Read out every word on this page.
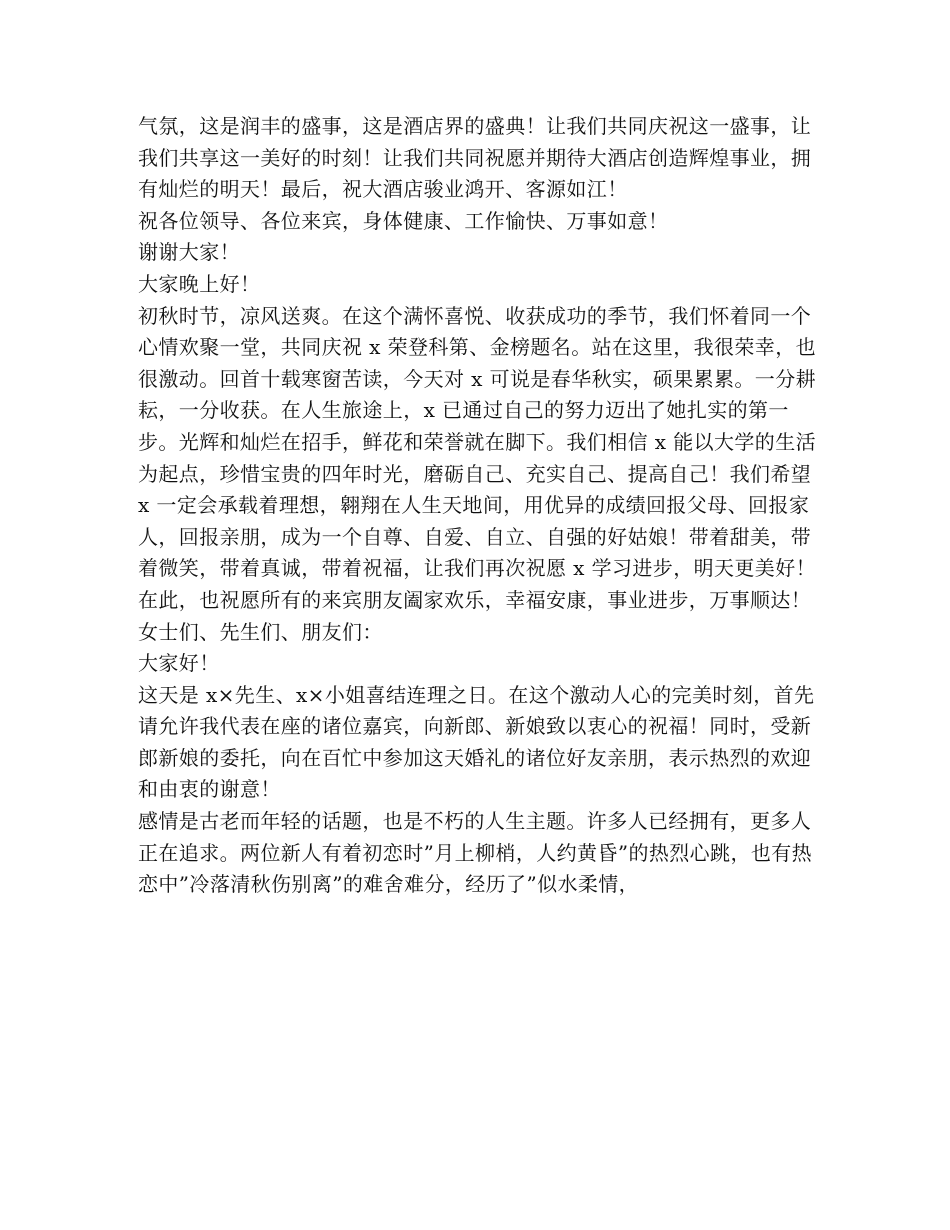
气氛，这是润丰的盛事，这是酒店界的盛典！让我们共同庆祝这一盛事，让我们共享这一美好的时刻！让我们共同祝愿并期待大酒店创造辉煌事业，拥有灿烂的明天！最后，祝大酒店骏业鸿开、客源如江！

祝各位领导、各位来宾，身体健康、工作愉快、万事如意！

谢谢大家！

大家晚上好！

初秋时节，凉风送爽。在这个满怀喜悦、收获成功的季节，我们怀着同一个心情欢聚一堂，共同庆祝 x 荣登科第、金榜题名。站在这里，我很荣幸，也很激动。回首十载寒窗苦读，今天对 x 可说是春华秋实，硕果累累。一分耕耘，一分收获。在人生旅途上，x 已通过自己的努力迈出了她扎实的第一步。光辉和灿烂在招手，鲜花和荣誉就在脚下。我们相信 x 能以大学的生活为起点，珍惜宝贵的四年时光，磨砺自己、充实自己、提高自己！我们希望 x 一定会承载着理想，翱翔在人生天地间，用优异的成绩回报父母、回报家人，回报亲朋，成为一个自尊、自爱、自立、自强的好姑娘！带着甜美，带着微笑，带着真诚，带着祝福，让我们再次祝愿 x 学习进步，明天更美好！

在此，也祝愿所有的来宾朋友阖家欢乐，幸福安康，事业进步，万事顺达！

女士们、先生们、朋友们：

大家好！

这天是 x×先生、x×小姐喜结连理之日。在这个激动人心的完美时刻，首先请允许我代表在座的诸位嘉宾，向新郎、新娘致以衷心的祝福！同时，受新郎新娘的委托，向在百忙中参加这天婚礼的诸位好友亲朋，表示热烈的欢迎和由衷的谢意！

感情是古老而年轻的话题，也是不朽的人生主题。许多人已经拥有，更多人正在追求。两位新人有着初恋时”月上柳梢，人约黄昏”的热烈心跳，也有热恋中”冷落清秋伤别离”的难舍难分，经历了”似水柔情，
